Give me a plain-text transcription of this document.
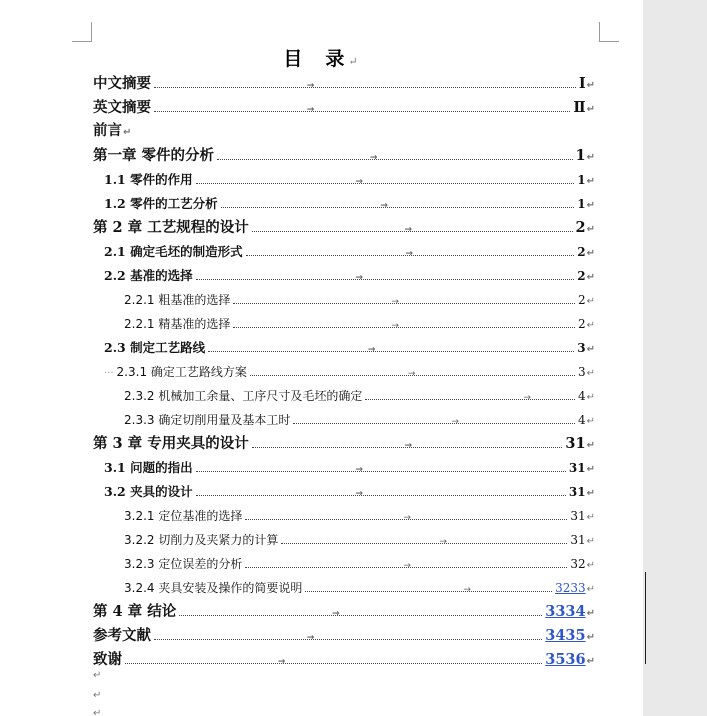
目　录 ↵
中文摘要	→	Ⅰ ↵
英文摘要	→	Ⅱ ↵
前言 ↵
第一章 零件的分析	→	1 ↵
1.1 零件的作用	→	1 ↵
1.2 零件的工艺分析	→	1 ↵
第 2 章 工艺规程的设计	→	2 ↵
2.1 确定毛坯的制造形式	→	2 ↵
2.2 基准的选择	→	2 ↵
2.2.1 粗基准的选择	→	2 ↵
2.2.1 精基准的选择	→	2 ↵
2.3 制定工艺路线	→	3 ↵
··· 2.3.1 确定工艺路线方案	→	3 ↵
2.3.2 机械加工余量、工序尺寸及毛坯的确定	→	4 ↵
2.3.3 确定切削用量及基本工时	→	4 ↵
第 3 章 专用夹具的设计	→	31 ↵
3.1 问题的指出	→	31 ↵
3.2 夹具的设计	→	31 ↵
3.2.1 定位基准的选择	→	31 ↵
3.2.2 切削力及夹紧力的计算	→	31 ↵
3.2.3 定位误差的分析	→	32 ↵
3.2.4 夹具安装及操作的简要说明	→	3233 ↵
第 4 章 结论	→	3334 ↵
参考文献	→	3435 ↵
致谢	→	3536 ↵
↵
↵
↵
